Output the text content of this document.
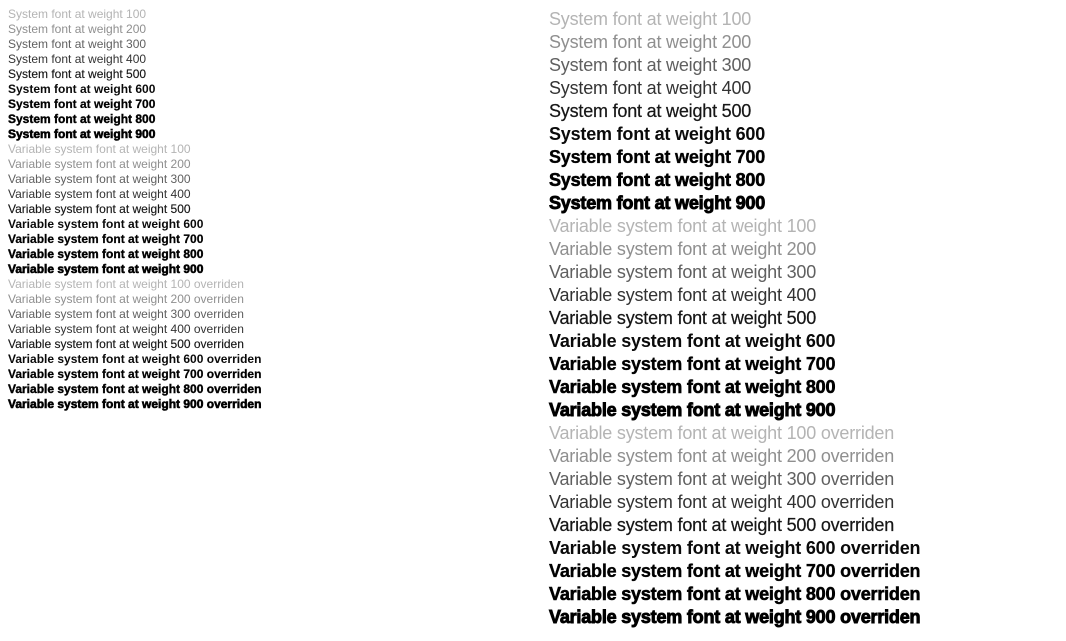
System font at weight 100
System font at weight 200
System font at weight 300
System font at weight 400
System font at weight 500
System font at weight 600
System font at weight 700
System font at weight 800
System font at weight 900
Variable system font at weight 100
Variable system font at weight 200
Variable system font at weight 300
Variable system font at weight 400
Variable system font at weight 500
Variable system font at weight 600
Variable system font at weight 700
Variable system font at weight 800
Variable system font at weight 900
Variable system font at weight 100 overriden
Variable system font at weight 200 overriden
Variable system font at weight 300 overriden
Variable system font at weight 400 overriden
Variable system font at weight 500 overriden
Variable system font at weight 600 overriden
Variable system font at weight 700 overriden
Variable system font at weight 800 overriden
Variable system font at weight 900 overriden
System font at weight 100
System font at weight 200
System font at weight 300
System font at weight 400
System font at weight 500
System font at weight 600
System font at weight 700
System font at weight 800
System font at weight 900
Variable system font at weight 100
Variable system font at weight 200
Variable system font at weight 300
Variable system font at weight 400
Variable system font at weight 500
Variable system font at weight 600
Variable system font at weight 700
Variable system font at weight 800
Variable system font at weight 900
Variable system font at weight 100 overriden
Variable system font at weight 200 overriden
Variable system font at weight 300 overriden
Variable system font at weight 400 overriden
Variable system font at weight 500 overriden
Variable system font at weight 600 overriden
Variable system font at weight 700 overriden
Variable system font at weight 800 overriden
Variable system font at weight 900 overriden
